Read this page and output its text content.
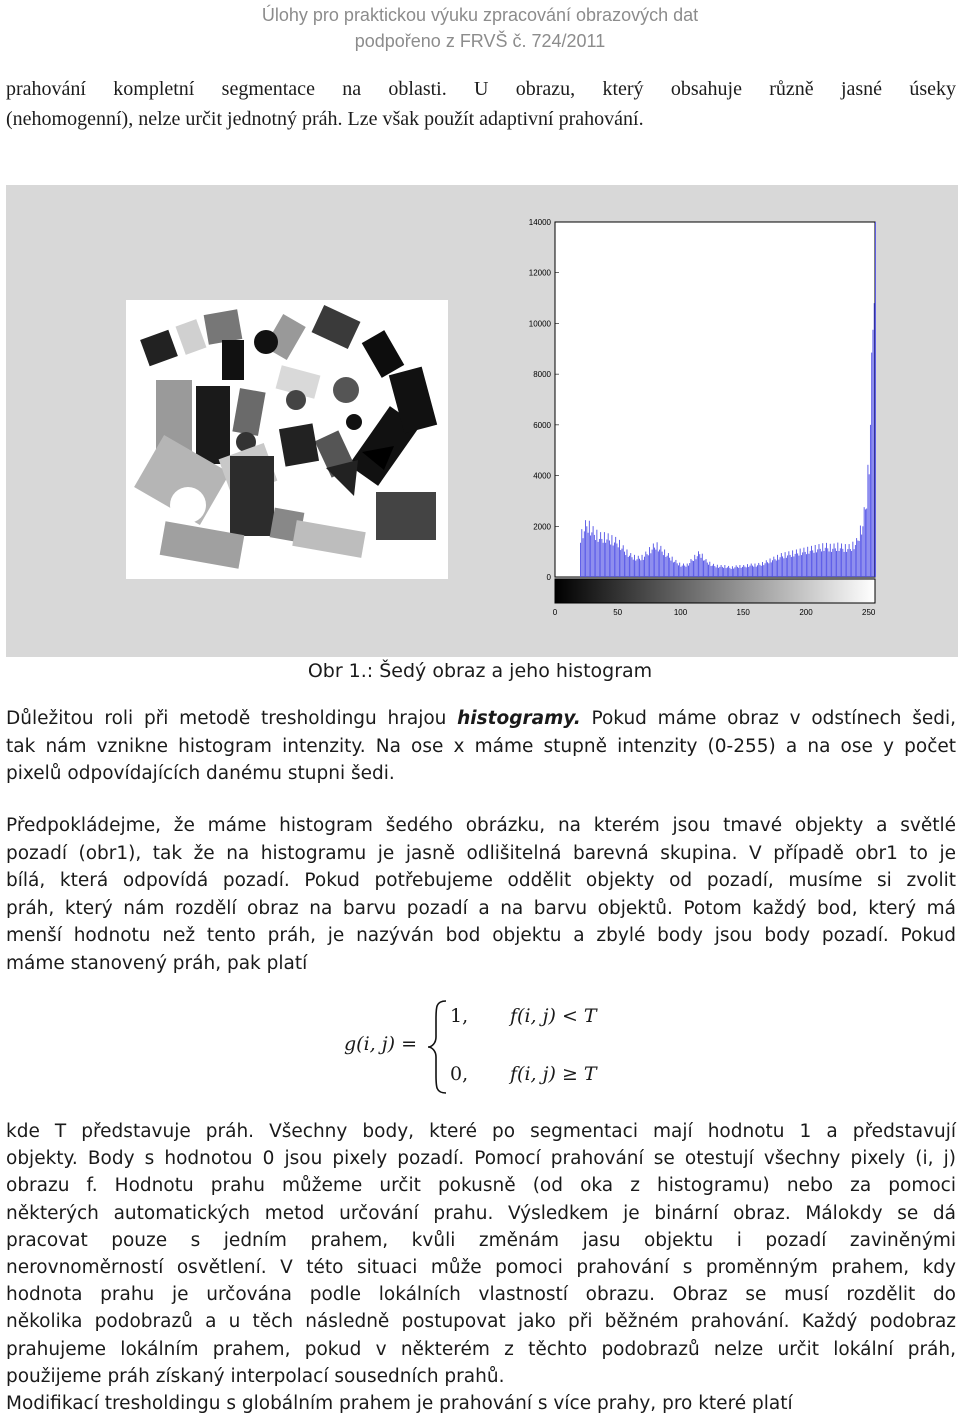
Úlohy pro praktickou výuku zpracování obrazových dat
podpořeno z FRVŠ č. 724/2011
prahování kompletní segmentace na oblasti. U obrazu, který obsahuje různě jasné úseky
(nehomogenní), nelze určit jednotný práh. Lze však použít adaptivní prahování.
0
2000
4000
6000
8000
10000
12000
14000
0	50	100	150	200	250
Obr 1.: Šedý obraz a jeho histogram
Důležitou roli při metodě tresholdingu hrajou histogramy. Pokud máme obraz v odstínech šedi,
tak nám vznikne histogram intenzity. Na ose x máme stupně intenzity (0-255) a na ose y počet
pixelů odpovídajících danému stupni šedi.
Předpokládejme, že máme histogram šedého obrázku, na kterém jsou tmavé objekty a světlé
pozadí (obr1), tak že na histogramu je jasně odlišitelná barevná skupina. V případě obr1 to je
bílá, která odpovídá pozadí. Pokud potřebujeme oddělit objekty od pozadí, musíme si zvolit
práh, který nám rozdělí obraz na barvu pozadí a na barvu objektů. Potom každý bod, který má
menší hodnotu než tento práh, je nazýván bod objektu a zbylé body jsou body pozadí. Pokud
máme stanovený práh, pak platí
g(i, j) =
1, f(i, j) < T
0, f(i, j) ≥ T
kde T představuje práh. Všechny body, které po segmentaci mají hodnotu 1 a představují
objekty. Body s hodnotou 0 jsou pixely pozadí. Pomocí prahování se otestují všechny pixely (i, j)
obrazu f. Hodnotu prahu můžeme určit pokusně (od oka z histogramu) nebo za pomoci
některých automatických metod určování prahu. Výsledkem je binární obraz. Málokdy se dá
pracovat pouze s jedním prahem, kvůli změnám jasu objektu i pozadí zaviněnými
nerovnoměrností osvětlení. V této situaci může pomoci prahování s proměnným prahem, kdy
hodnota prahu je určována podle lokálních vlastností obrazu. Obraz se musí rozdělit do
několika podobrazů a u těch následně postupovat jako při běžném prahování. Každý podobraz
prahujeme lokálním prahem, pokud v některém z těchto podobrazů nelze určit lokální práh,
použijeme práh získaný interpolací sousedních prahů.
Modifikací tresholdingu s globálním prahem je prahování s více prahy, pro které platí
